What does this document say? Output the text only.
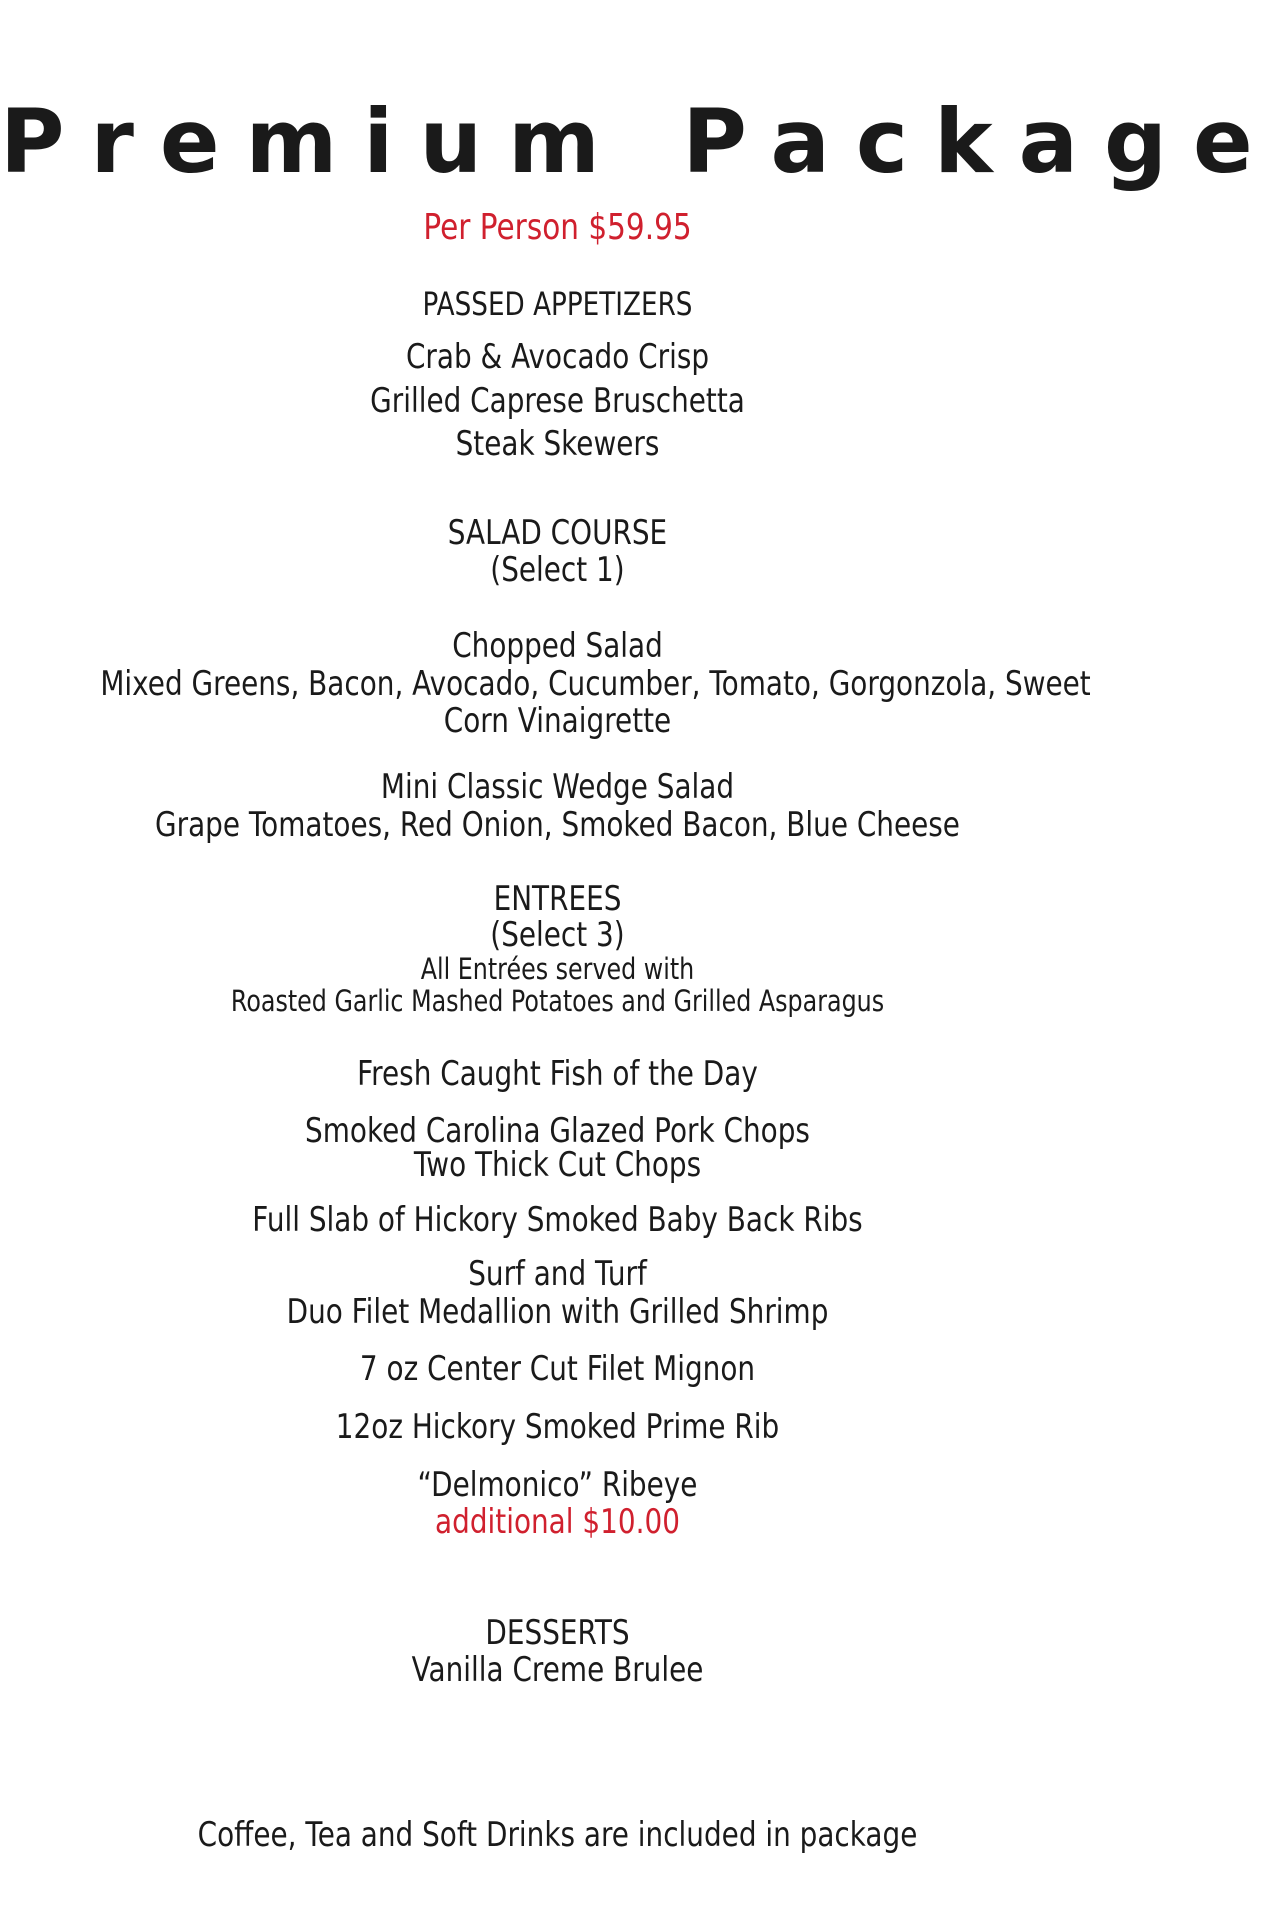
Premium Package
Per Person $59.95
PASSED APPETIZERS
Crab & Avocado Crisp
Grilled Caprese Bruschetta
Steak Skewers
SALAD COURSE
(Select 1)
Chopped Salad
Mixed Greens, Bacon, Avocado, Cucumber, Tomato, Gorgonzola, Sweet
Corn Vinaigrette
Mini Classic Wedge Salad
Grape Tomatoes, Red Onion, Smoked Bacon, Blue Cheese
ENTREES
(Select 3)
All Entrées served with
Roasted Garlic Mashed Potatoes and Grilled Asparagus
Fresh Caught Fish of the Day
Smoked Carolina Glazed Pork Chops
Two Thick Cut Chops
Full Slab of Hickory Smoked Baby Back Ribs
Surf and Turf
Duo Filet Medallion with Grilled Shrimp
7 oz Center Cut Filet Mignon
12oz Hickory Smoked Prime Rib
“Delmonico” Ribeye
additional $10.00
DESSERTS
Vanilla Creme Brulee
Coffee, Tea and Soft Drinks are included in package
